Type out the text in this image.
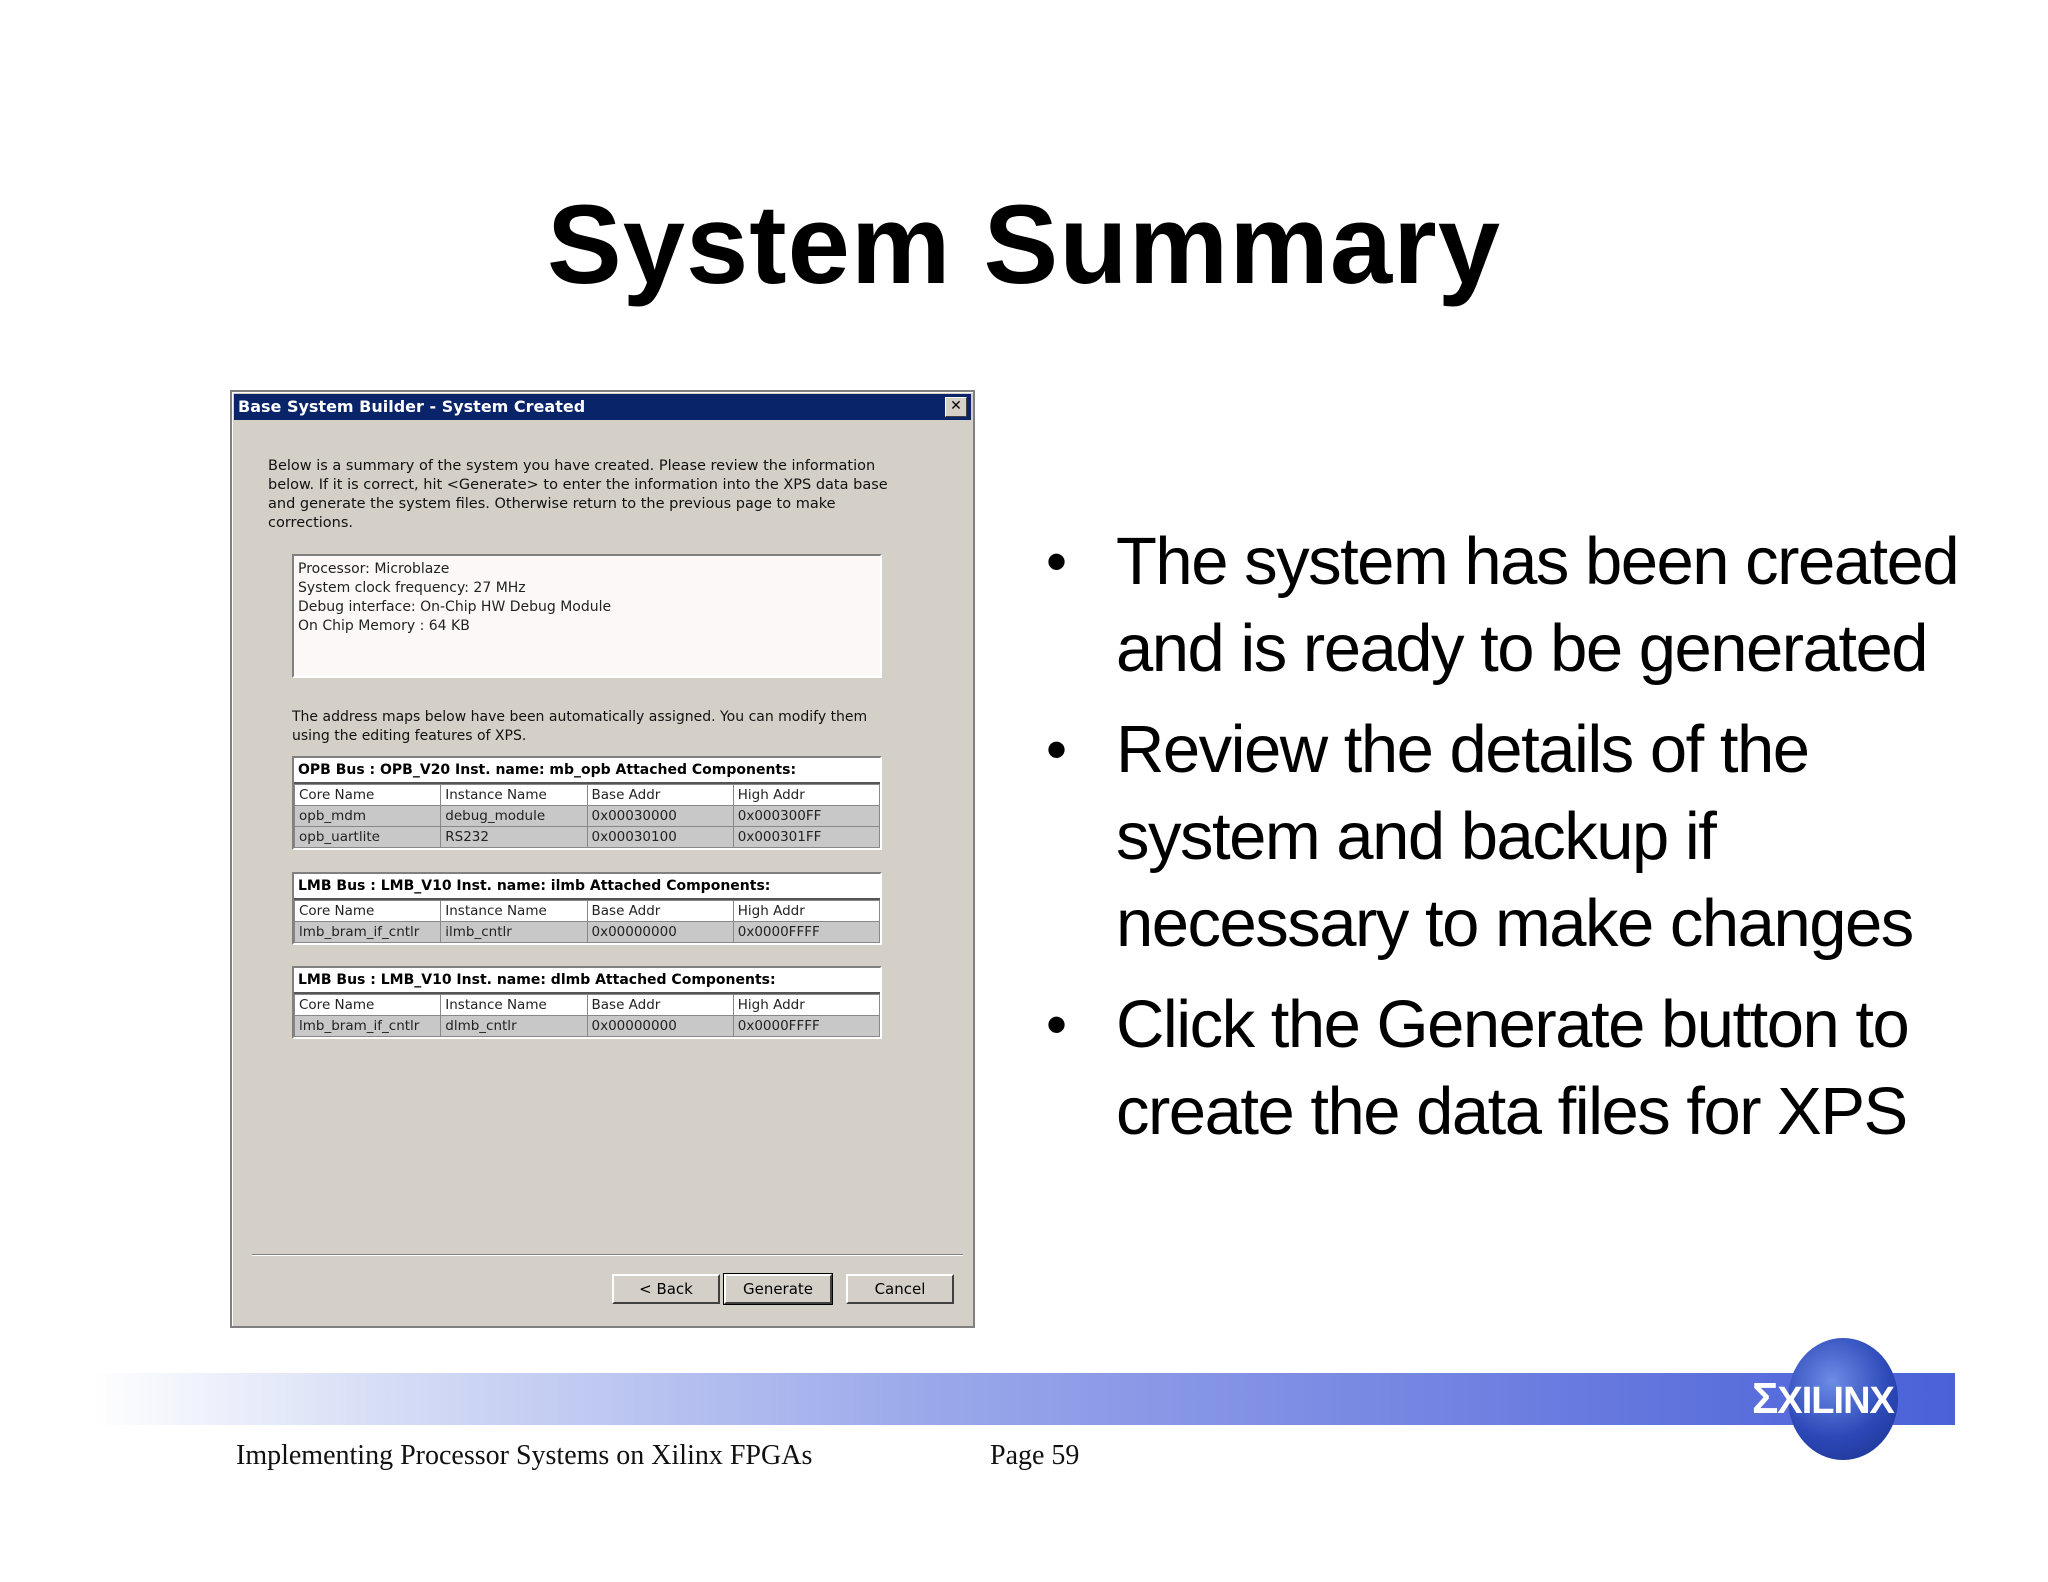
System Summary
Base System Builder - System Created	✕
Below is a summary of the system you have created. Please review the information below. If it is correct, hit <Generate> to enter the information into the XPS data base and generate the system files. Otherwise return to the previous page to make corrections.
Processor: Microblaze
System clock frequency: 27 MHz
Debug interface: On-Chip HW Debug Module
On Chip Memory : 64 KB
The address maps below have been automatically assigned. You can modify them using the editing features of XPS.
OPB Bus : OPB_V20 Inst. name: mb_opb Attached Components:
Core Name	Instance Name	Base Addr	High Addr
opb_mdm	debug_module	0x00030000	0x000300FF
opb_uartlite	RS232	0x00030100	0x000301FF
LMB Bus : LMB_V10 Inst. name: ilmb Attached Components:
Core Name	Instance Name	Base Addr	High Addr
lmb_bram_if_cntlr	ilmb_cntlr	0x00000000	0x0000FFFF
LMB Bus : LMB_V10 Inst. name: dlmb Attached Components:
Core Name	Instance Name	Base Addr	High Addr
lmb_bram_if_cntlr	dlmb_cntlr	0x00000000	0x0000FFFF
< Back	Generate	Cancel
• The system has been created and is ready to be generated
• Review the details of the system and backup if necessary to make changes
• Click the Generate button to create the data files for XPS
ΣXILINX
Implementing Processor Systems on Xilinx FPGAs	Page 59
